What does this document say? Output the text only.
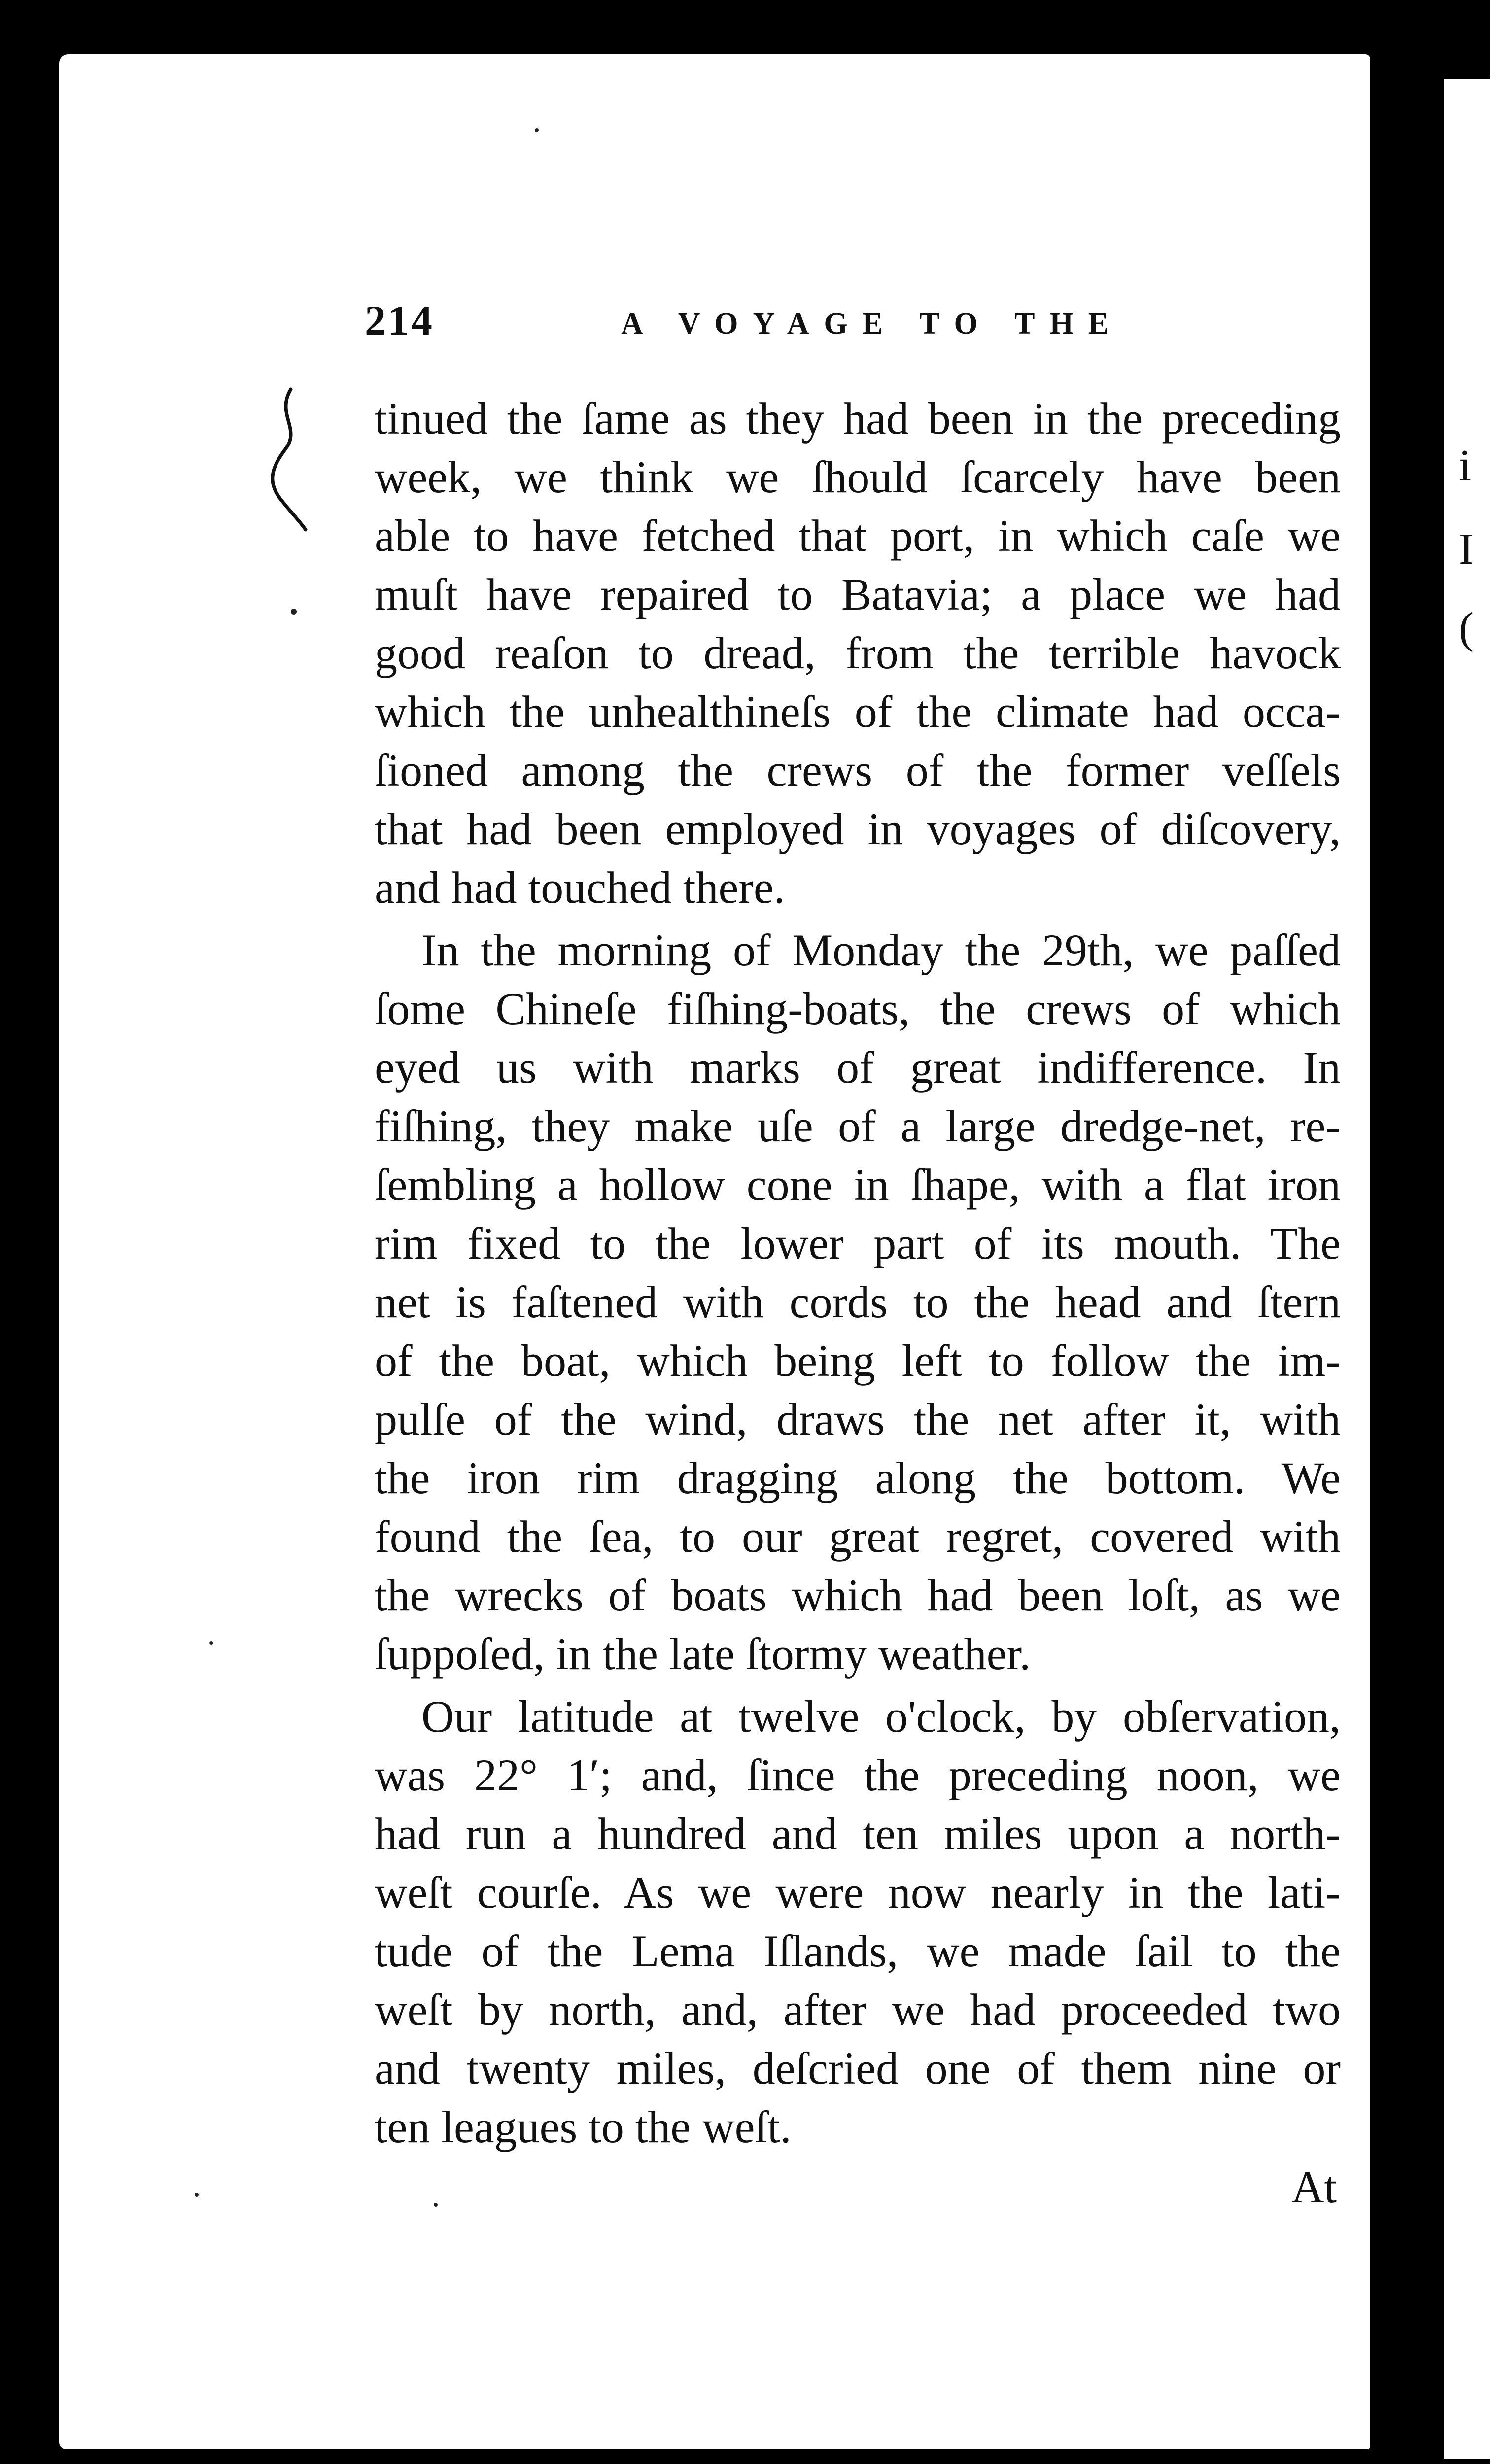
i
I
(
214	A VOYAGE TO THE
tinued the ſame as they had been in the preceding
week, we think we ſhould ſcarcely have been
able to have fetched that port, in which caſe we
muſt have repaired to Batavia; a place we had
good reaſon to dread, from the terrible havock
which the unhealthineſs of the climate had occa-
ſioned among the crews of the former veſſels
that had been employed in voyages of diſcovery,
and had touched there.
In the morning of Monday the 29th, we paſſed
ſome Chineſe fiſhing-boats, the crews of which
eyed us with marks of great indifference. In
fiſhing, they make uſe of a large dredge-net, re-
ſembling a hollow cone in ſhape, with a flat iron
rim fixed to the lower part of its mouth. The
net is faſtened with cords to the head and ſtern
of the boat, which being left to follow the im-
pulſe of the wind, draws the net after it, with
the iron rim dragging along the bottom. We
found the ſea, to our great regret, covered with
the wrecks of boats which had been loſt, as we
ſuppoſed, in the late ſtormy weather.
Our latitude at twelve o'clock, by obſervation,
was 22° 1′; and, ſince the preceding noon, we
had run a hundred and ten miles upon a north-
weſt courſe. As we were now nearly in the lati-
tude of the Lema Iſlands, we made ſail to the
weſt by north, and, after we had proceeded two
and twenty miles, deſcried one of them nine or
ten leagues to the weſt.
At
